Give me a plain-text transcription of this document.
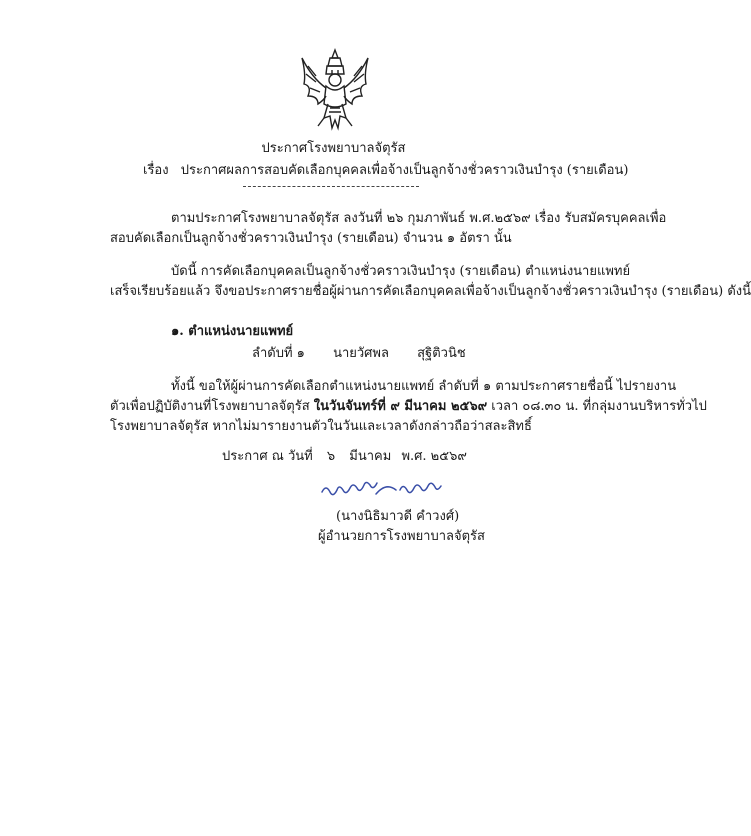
ประกาศโรงพยาบาลจัตุรัส
เรื่อง ประกาศผลการสอบคัดเลือกบุคคลเพื่อจ้างเป็นลูกจ้างชั่วคราวเงินบำรุง (รายเดือน)
ตามประกาศโรงพยาบาลจัตุรัส ลงวันที่ ๒๖ กุมภาพันธ์ พ.ศ.๒๕๖๙ เรื่อง รับสมัครบุคคลเพื่อ
สอบคัดเลือกเป็นลูกจ้างชั่วคราวเงินบำรุง (รายเดือน) จำนวน ๑ อัตรา นั้น
บัดนี้ การคัดเลือกบุคคลเป็นลูกจ้างชั่วคราวเงินบำรุง (รายเดือน) ตำแหน่งนายแพทย์
เสร็จเรียบร้อยแล้ว จึงขอประกาศรายชื่อผู้ผ่านการคัดเลือกบุคคลเพื่อจ้างเป็นลูกจ้างชั่วคราวเงินบำรุง (รายเดือน) ดังนี้
๑. ตำแหน่งนายแพทย์
ลำดับที่ ๑ นายวัศพล สุฐิติวนิช
ทั้งนี้ ขอให้ผู้ผ่านการคัดเลือกตำแหน่งนายแพทย์ ลำดับที่ ๑ ตามประกาศรายชื่อนี้ ไปรายงาน
ตัวเพื่อปฏิบัติงานที่โรงพยาบาลจัตุรัส ในวันจันทร์ที่ ๙ มีนาคม ๒๕๖๙ เวลา ๐๘.๓๐ น. ที่กลุ่มงานบริหารทั่วไป
โรงพยาบาลจัตุรัส หากไม่มารายงานตัวในวันและเวลาดังกล่าวถือว่าสละสิทธิ์
ประกาศ ณ วันที่ ๖ มีนาคม พ.ศ. ๒๕๖๙
(นางนิธิมาวดี คำวงศ์)
ผู้อำนวยการโรงพยาบาลจัตุรัส
